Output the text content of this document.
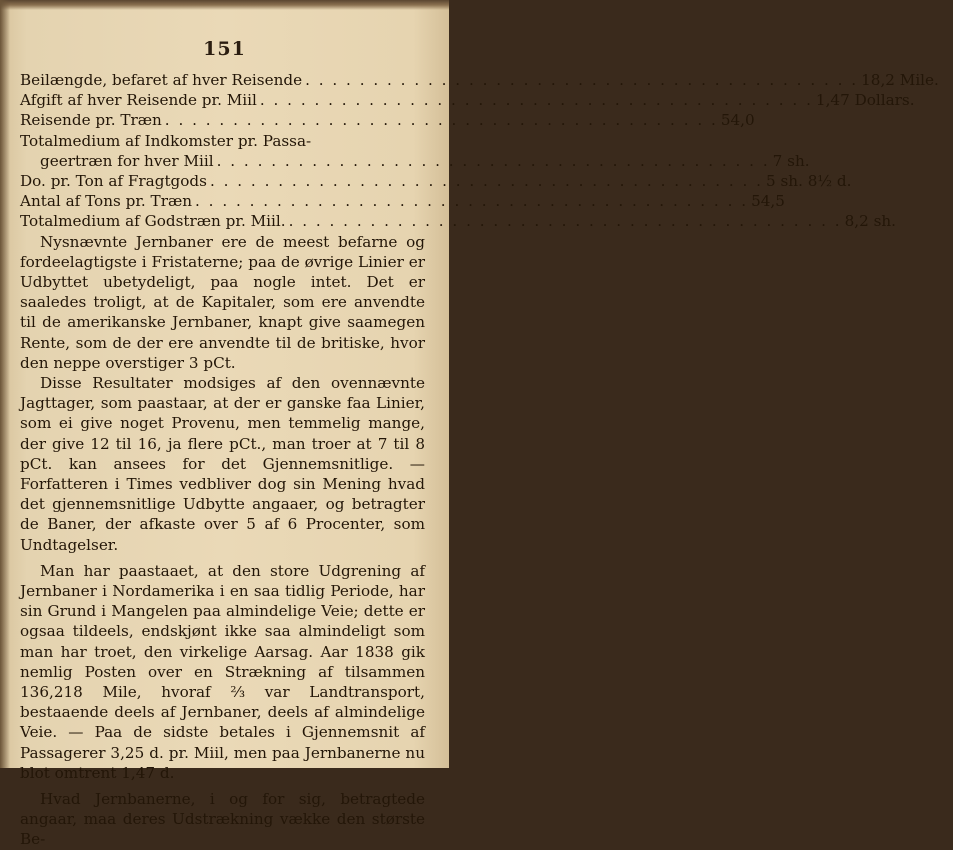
151
Beilængde, befaret af hver Reisende . . .	18,2 Mile.
Afgift af hver Reisende pr. Miil . . .	1,47 Dollars.
Reisende pr. Træn . . .	54,0
Totalmedium af Indkomster pr. Passa-
geertræn for hver Miil . . .	7 sh.
Do. pr. Ton af Fragtgods . . .	5 sh. 8½ d.
Antal af Tons pr. Træn . . .	54,5
Totalmedium af Godstræn pr. Miil. . . .	8,2 sh.

Nysnævnte Jernbaner ere de meest befarne og fordeelagtigste i Fristaterne; paa de øvrige Linier er Udbyttet ubetydeligt, paa nogle intet. Det er saaledes troligt, at de Kapitaler, som ere anvendte til de amerikanske Jernbaner, knapt give saamegen Rente, som de der ere anvendte til de britiske, hvor den neppe overstiger 3 pCt.

Disse Resultater modsiges af den ovennævnte Jagttager, som paastaar, at der er ganske faa Linier, som ei give noget Provenu, men temmelig mange, der give 12 til 16, ja flere pCt., man troer at 7 til 8 pCt. kan ansees for det Gjennemsnitlige. — Forfatteren i Times vedbliver dog sin Mening hvad det gjennemsnitlige Udbytte angaaer, og betragter de Baner, der afkaste over 5 af 6 Procenter, som Undtagelser.

Man har paastaaet, at den store Udgrening af Jernbaner i Nordamerika i en saa tidlig Periode, har sin Grund i Mangelen paa almindelige Veie; dette er ogsaa tildeels, endskjønt ikke saa almindeligt som man har troet, den virkelige Aarsag. Aar 1838 gik nemlig Posten over en Strækning af tilsammen 136,218 Mile, hvoraf ⅔ var Landtransport, bestaaende deels af Jernbaner, deels af almindelige Veie. — Paa de sidste betales i Gjennemsnit af Passagerer 3,25 d. pr. Miil, men paa Jernbanerne nu blot omtrent 1,47 d.

Hvad Jernbanerne, i og for sig, betragtede angaar, maa deres Udstrækning vække den største Be-
